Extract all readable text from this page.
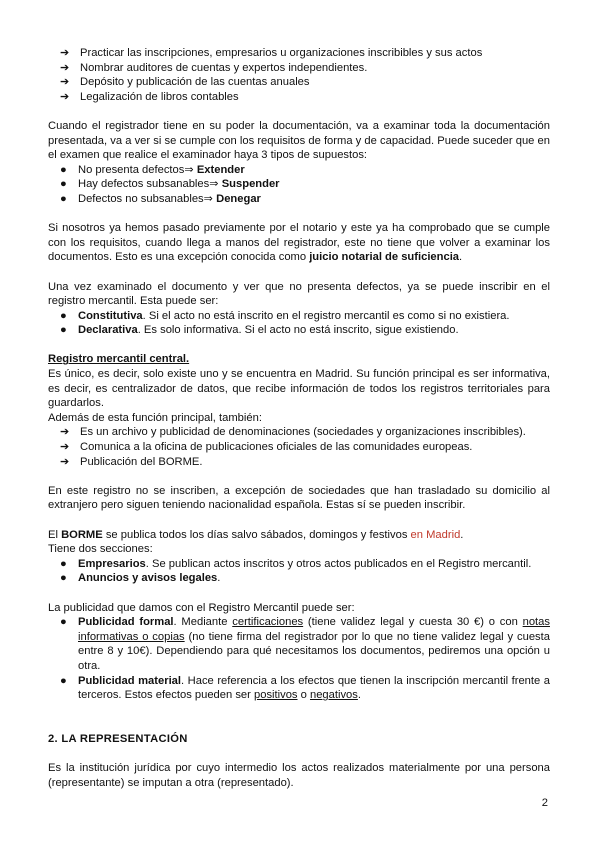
➔ Practicar las inscripciones, empresarios u organizaciones inscribibles y sus actos
➔ Nombrar auditores de cuentas y expertos independientes.
➔ Depósito y publicación de las cuentas anuales
➔ Legalización de libros contables

Cuando el registrador tiene en su poder la documentación, va a examinar toda la documentación presentada, va a ver si se cumple con los requisitos de forma y de capacidad. Puede suceder que en el examen que realice el examinador haya 3 tipos de supuestos:

● No presenta defectos⇒ Extender
● Hay defectos subsanables⇒ Suspender
● Defectos no subsanables⇒ Denegar

Si nosotros ya hemos pasado previamente por el notario y este ya ha comprobado que se cumple con los requisitos, cuando llega a manos del registrador, este no tiene que volver a examinar los documentos. Esto es una excepción conocida como juicio notarial de suficiencia.

Una vez examinado el documento y ver que no presenta defectos, ya se puede inscribir en el registro mercantil. Esta puede ser:

● Constitutiva. Si el acto no está inscrito en el registro mercantil es como si no existiera.
● Declarativa. Es solo informativa. Si el acto no está inscrito, sigue existiendo.

Registro mercantil central.

Es único, es decir, solo existe uno y se encuentra en Madrid. Su función principal es ser informativa, es decir, es centralizador de datos, que recibe información de todos los registros territoriales para guardarlos.

Además de esta función principal, también:

➔ Es un archivo y publicidad de denominaciones (sociedades y organizaciones inscribibles).
➔ Comunica a la oficina de publicaciones oficiales de las comunidades europeas.
➔ Publicación del BORME.

En este registro no se inscriben, a excepción de sociedades que han trasladado su domicilio al extranjero pero siguen teniendo nacionalidad española. Estas sí se pueden inscribir.

El BORME se publica todos los días salvo sábados, domingos y festivos en Madrid.

Tiene dos secciones:

● Empresarios. Se publican actos inscritos y otros actos publicados en el Registro mercantil.
● Anuncios y avisos legales.

La publicidad que damos con el Registro Mercantil puede ser:

● Publicidad formal. Mediante certificaciones (tiene validez legal y cuesta 30 €) o con notas informativas o copias (no tiene firma del registrador por lo que no tiene validez legal y cuesta entre 8 y 10€). Dependiendo para qué necesitamos los documentos, pediremos una opción u otra.
● Publicidad material. Hace referencia a los efectos que tienen la inscripción mercantil frente a terceros. Estos efectos pueden ser positivos o negativos.

2. LA REPRESENTACIÓN

Es la institución jurídica por cuyo intermedio los actos realizados materialmente por una persona (representante) se imputan a otra (representado).

2
